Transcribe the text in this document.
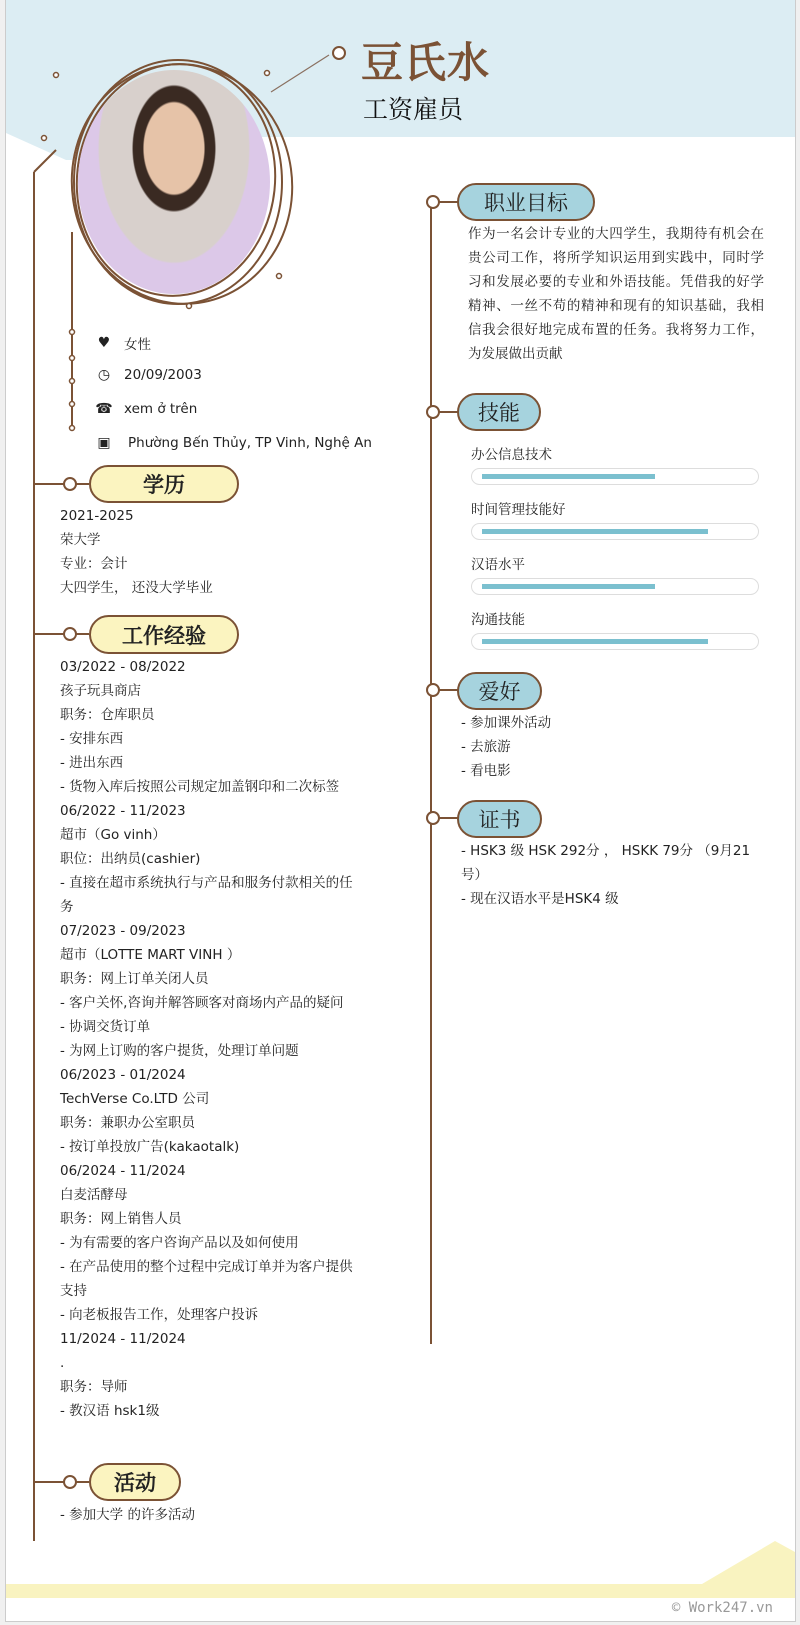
豆氏水
工资雇员
♥ 女性
◷ 20/09/2003
☎ xem ở trên
▣ Phường Bến Thủy, TP Vinh, Nghệ An
学历
2021-2025
荣大学
专业：会计
大四学生， 还没大学毕业
工作经验
03/2022 - 08/2022
孩子玩具商店
职务：仓库职员
- 安排东西
- 进出东西
- 货物入库后按照公司规定加盖钢印和二次标签
06/2022 - 11/2023
超市（Go vinh）
职位：出纳员(cashier)
- 直接在超市系统执行与产品和服务付款相关的任
务
07/2023 - 09/2023
超市（LOTTE MART VINH ）
职务：网上订单关闭人员
- 客户关怀,咨询并解答顾客对商场内产品的疑问
- 协调交货订单
- 为网上订购的客户提货，处理订单问题
06/2023 - 01/2024
TechVerse Co.LTD 公司
职务：兼职办公室职员
- 按订单投放广告(kakaotalk)
06/2024 - 11/2024
白麦活酵母
职务：网上销售人员
- 为有需要的客户咨询产品以及如何使用
- 在产品使用的整个过程中完成订单并为客户提供
支持
- 向老板报告工作，处理客户投诉
11/2024 - 11/2024
.
职务：导师
- 教汉语 hsk1级
活动
- 参加大学 的许多活动
职业目标
作为一名会计专业的大四学生，我期待有机会在贵公司工作，将所学知识运用到实践中，同时学习和发展必要的专业和外语技能。凭借我的好学精神、一丝不苟的精神和现有的知识基础，我相信我会很好地完成布置的任务。我将努力工作，为发展做出贡献
技能
办公信息技术
时间管理技能好
汉语水平
沟通技能
爱好
- 参加课外活动
- 去旅游
- 看电影
证书
- HSK3 级 HSK 292分 ， HSKK 79分 （9月21
号）
- 现在汉语水平是HSK4 级
© Work247.vn
